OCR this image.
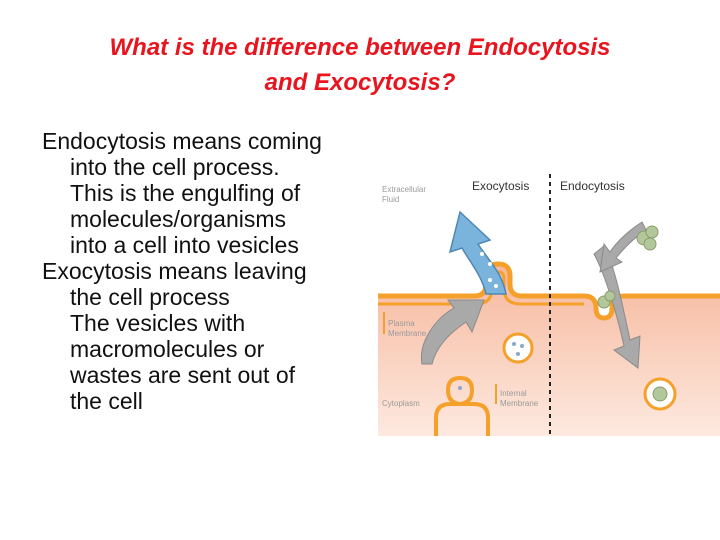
What is the difference between Endocytosis
and Exocytosis?

Endocytosis means coming

into the cell process.
This is the engulfing of
molecules/organisms
into a cell into vesicles

Exocytosis means leaving

the cell process
The vesicles with
macromolecules or
wastes are sent out of
the cell

Extracellular
Fluid
Exocytosis	Endocytosis
Plasma
Membrane
Cytoplasm
Internal
Membrane
